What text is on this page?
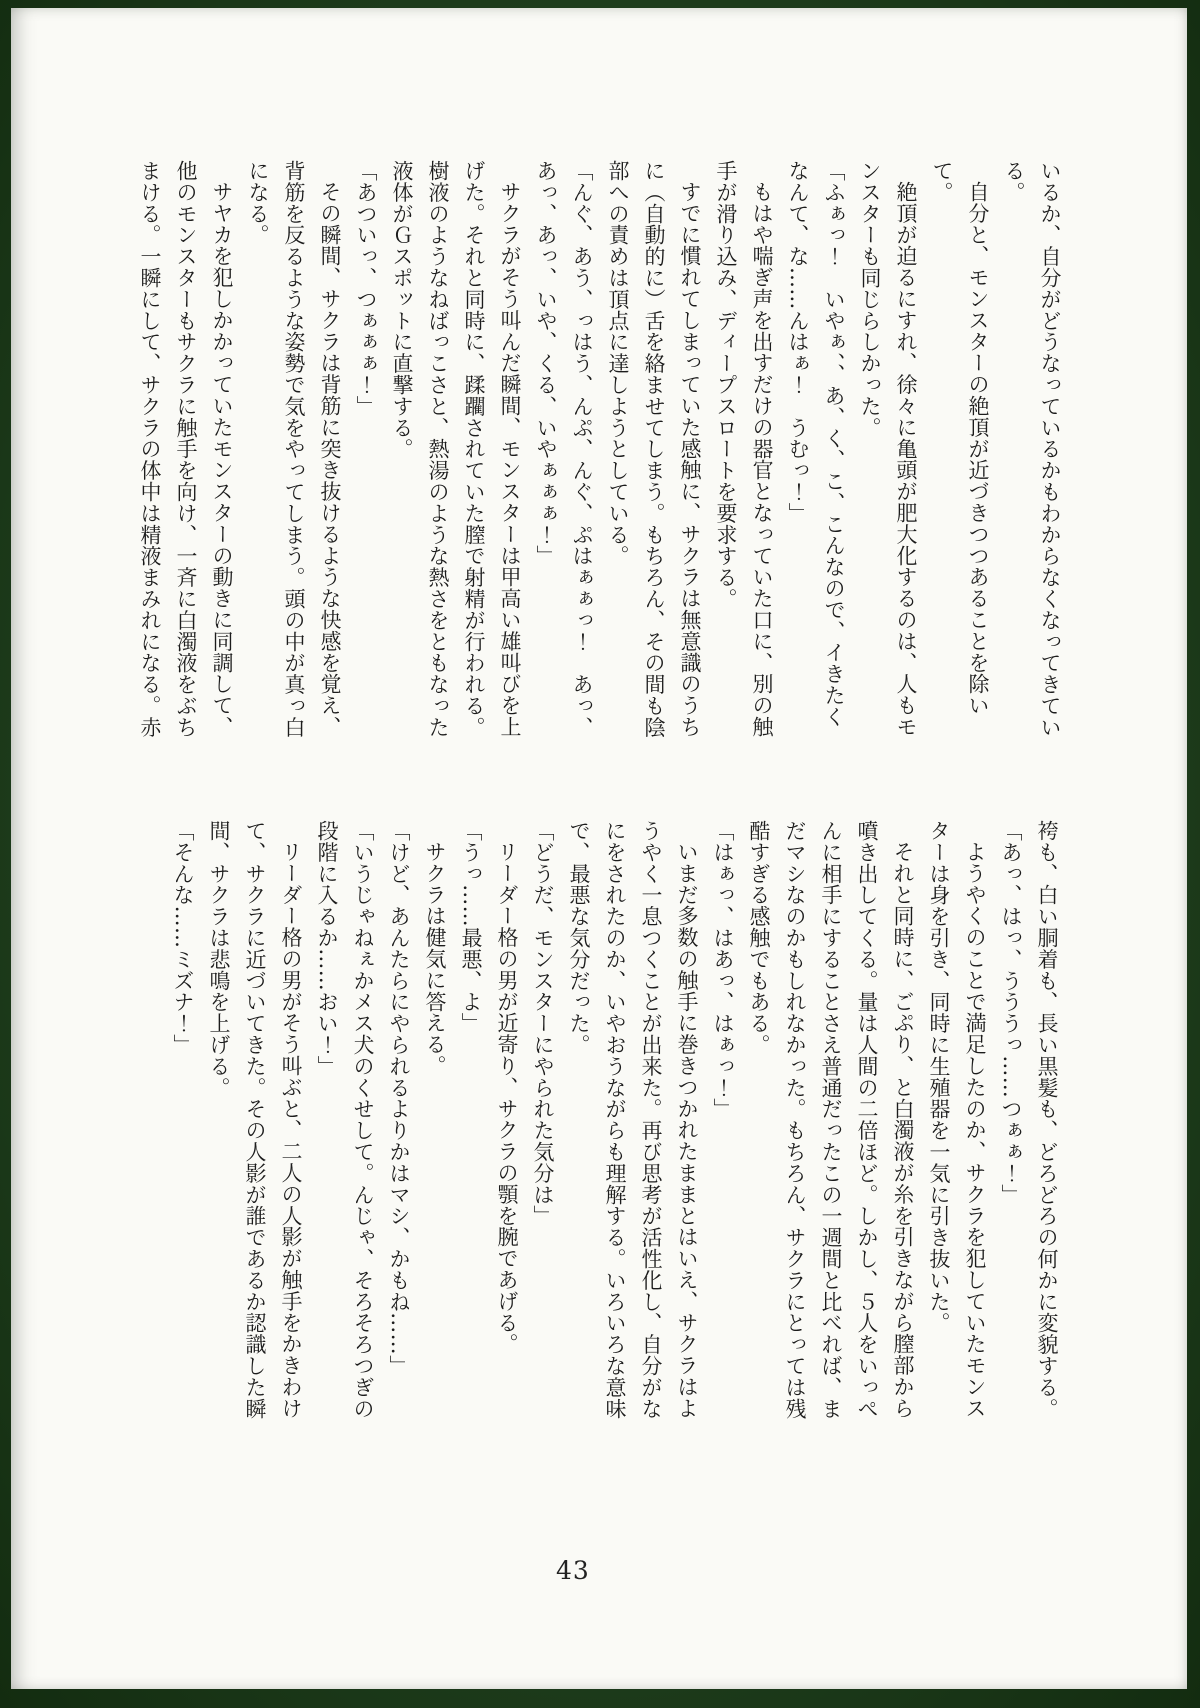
いるか、自分がどうなっているかもわからなくなってきている。

自分と、モンスターの絶頂が近づきつつあることを除いて。

絶頂が迫るにすれ、徐々に亀頭が肥大化するのは、人もモンスターも同じらしかった。

「ふぁっ！　いやぁ、、あ、く、こ、こんなので、イきたくなんて、な……んはぁ！　うむっ！」

もはや喘ぎ声を出すだけの器官となっていた口に、別の触手が滑り込み、ディープスロートを要求する。

すでに慣れてしまっていた感触に、サクラは無意識のうちに（自動的に）舌を絡ませてしまう。もちろん、その間も陰部への責めは頂点に達しようとしている。

「んぐ、あう、っはう、んぷ、んぐ、ぷはぁぁっ！　あっ、あっ、あっ、いや、くる、いやぁぁぁ！」

サクラがそう叫んだ瞬間、モンスターは甲高い雄叫びを上げた。それと同時に、蹂躙されていた膣で射精が行われる。樹液のようなねばっこさと、熱湯のような熱さをともなった液体がＧスポットに直撃する。

「あついっ、つぁぁぁ！」

その瞬間、サクラは背筋に突き抜けるような快感を覚え、背筋を反るような姿勢で気をやってしまう。頭の中が真っ白になる。

サヤカを犯しかかっていたモンスターの動きに同調して、他のモンスターもサクラに触手を向け、一斉に白濁液をぶちまける。一瞬にして、サクラの体中は精液まみれになる。赤

袴も、白い胴着も、長い黒髪も、どろどろの何かに変貌する。

「あっ、はっ、うううっ……つぁぁ！」

ようやくのことで満足したのか、サクラを犯していたモンスターは身を引き、同時に生殖器を一気に引き抜いた。

それと同時に、ごぷり、と白濁液が糸を引きながら膣部から噴き出してくる。量は人間の二倍ほど。しかし、５人をいっぺんに相手にすることさえ普通だったこの一週間と比べれば、まだマシなのかもしれなかった。もちろん、サクラにとっては残酷すぎる感触でもある。

「はぁっ、はあっ、はぁっ！」

いまだ多数の触手に巻きつかれたままとはいえ、サクラはようやく一息つくことが出来た。再び思考が活性化し、自分がなにをされたのか、いやおうながらも理解する。いろいろな意味で、最悪な気分だった。

「どうだ、モンスターにやられた気分は」

リーダー格の男が近寄り、サクラの顎を腕であげる。

「うっ……最悪、よ」

サクラは健気に答える。

「けど、あんたらにやられるよりかはマシ、かもね……」

「いうじゃねぇかメス犬のくせして。んじゃ、そろそろつぎの段階に入るか……おい！」

リーダー格の男がそう叫ぶと、二人の人影が触手をかきわけて、サクラに近づいてきた。その人影が誰であるか認識した瞬間、サクラは悲鳴を上げる。

「そんな……ミズナ！」

43
